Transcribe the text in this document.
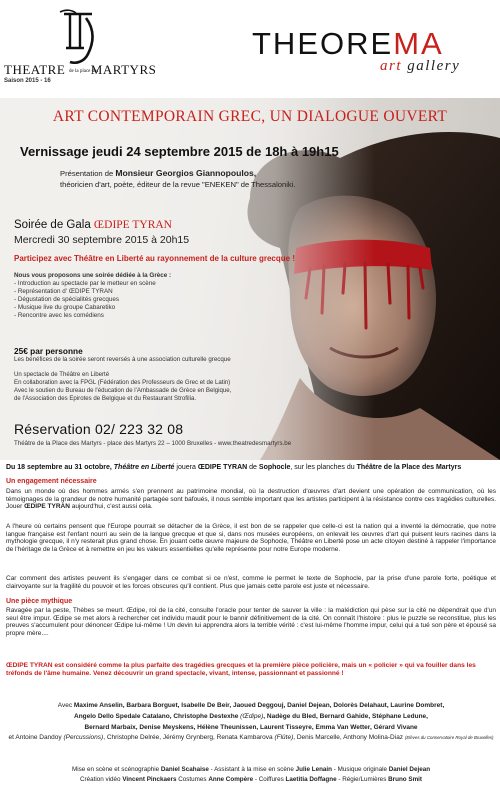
THEATRE de la place des MARTYRS
Saison 2015 - 16
THEOREMA
art gallery
ART CONTEMPORAIN GREC, UN DIALOGUE OUVERT
Vernissage jeudi 24 septembre 2015 de 18h à 19h15
Présentation de Monsieur Georgios Giannopoulos,
théoricien d'art, poète, éditeur de la revue "ENEKEN" de Thessaloniki.
Soirée de Gala ŒDIPE TYRAN
Mercredi 30 septembre 2015 à 20h15
Participez avec Théâtre en Liberté au rayonnement de la culture grecque !
Nous vous proposons une soirée dédiée à la Grèce :
- Introduction au spectacle par le metteur en scène
- Représentation d' ŒDIPE TYRAN
- Dégustation de spécialités grecques
- Musique live du groupe Cabaretiko
- Rencontre avec les comédiens
25€ par personne
Les bénéfices de la soirée seront reversés à une association culturelle grecque
Un spectacle de Théâtre en Liberté
En collaboration avec la FPGL (Fédération des Professeurs de Grec et de Latin)
Avec le soutien du Bureau de l'éducation de l'Ambassade de Grèce en Belgique,
de l'Association des Epirotes de Belgique et du Restaurant Strofilia.
Réservation 02/ 223 32 08
Théâtre de la Place des Martyrs - place des Martyrs 22 – 1000 Bruxelles - www.theatredesmartyrs.be
Du 18 septembre au 31 octobre, Théâtre en Liberté jouera ŒDIPE TYRAN de Sophocle, sur les planches du Théâtre de la Place des Martyrs
Un engagement nécessaire
Dans un monde où des hommes armés s'en prennent au patrimoine mondial, où la destruction d'œuvres d'art devient une opération de communication, où les témoignages de la grandeur de notre humanité partagée sont bafoués, il nous semble important que les artistes participent à la résistance contre ces tragédies culturelles. Jouer ŒDIPE TYRAN aujourd'hui, c'est aussi cela.
A l'heure où certains pensent que l'Europe pourrait se détacher de la Grèce, il est bon de se rappeler que celle-ci est la nation qui a inventé la démocratie, que notre langue française est l'enfant nourri au sein de la langue grecque et que si, dans nos musées européens, on enlevait les œuvres d'art qui puisent leurs racines dans la mythologie grecque, il n'y resterait plus grand chose. En jouant cette œuvre majeure de Sophocle, Théâtre en Liberté pose un acte citoyen destiné à rappeler l'importance de l'héritage de la Grèce et à remettre en jeu les valeurs essentielles qu'elle représente pour notre Europe moderne.
Car comment des artistes peuvent ils s'engager dans ce combat si ce n'est, comme le permet le texte de Sophocle, par la prise d'une parole forte, poétique et clairvoyante sur la fragilité du pouvoir et les forces obscures qu'il contient. Plus que jamais cette parole est juste et nécessaire.
Une pièce mythique
Ravagée par la peste, Thèbes se meurt. Œdipe, roi de la cité, consulte l'oracle pour tenter de sauver la ville : la malédiction qui pèse sur la cité ne dépendrait que d'un seul être impur. Œdipe se met alors à rechercher cet individu maudit pour le bannir définitivement de la cité. On connaît l'histoire : plus le puzzle se reconstitue, plus les preuves s'accumulent pour dénoncer Œdipe lui-même ! Un devin lui apprendra alors la terrible vérité : c'est lui-même l'homme impur, celui qui a tué son père et épousé sa propre mère....
ŒDIPE TYRAN est considéré comme la plus parfaite des tragédies grecques et la première pièce policière, mais un « policier » qui va fouiller dans les tréfonds de l'âme humaine. Venez découvrir un grand spectacle, vivant, intense, passionnant et passionné !
Avec Maxime Anselin, Barbara Borguet, Isabelle De Beir, Jaoued Deggouj, Daniel Dejean, Dolorès Delahaut, Laurine Dombret,
Angelo Dello Spedale Catalano, Christophe Destexhe (Œdipe), Nadège du Bled, Bernard Gahide, Stéphane Ledune,
Bernard Marbaix, Denise Meyskens, Hélène Theunissen, Laurent Tisseyre, Emma Van Wetter, Gérard Vivane
et Antoine Dandoy (Percussions), Christophe Delrée, Jérémy Grynberg, Renata Kambarova (Flûte), Denis Marcelle, Anthony Molina-Diaz (Elèves du Conservatoire Royal de Bruxelles)
Mise en scène et scénographie Daniel Scahaise - Assistant à la mise en scène Julie Lenain - Musique originale Daniel Dejean
Création vidéo Vincent Pinckaers Costumes Anne Compère - Coiffures Laetitia Doffagne - Régie/Lumières Bruno Smit
